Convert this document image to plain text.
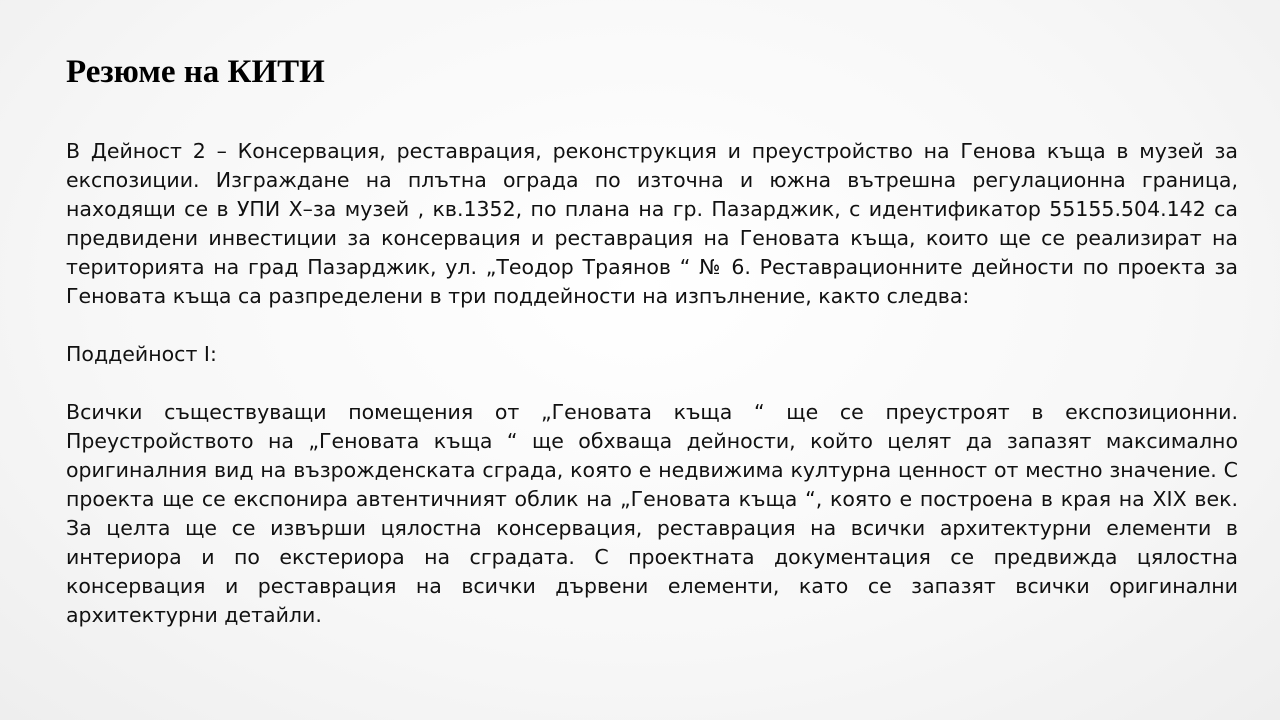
Резюме на КИТИ

В Дейност 2 – Консервация, реставрация, реконструкция и преустройство на Генова къща в музей за експозиции. Изграждане на плътна ограда по източна и южна вътрешна регулационна граница, находящи се в УПИ Х–за музей , кв.1352, по плана на гр. Пазарджик, с идентификатор 55155.504.142 са предвидени инвестиции за консервация и реставрация на Геновата къща, които ще се реализират на територията на град Пазарджик, ул. „Теодор Траянов “ № 6. Реставрационните дейности по проекта за Геновата къща са разпределени в три поддейности на изпълнение, както следва:

Поддейност I:

Всички съществуващи помещения от „Геновата къща “ ще се преустроят в експозиционни. Преустройството на „Геновата къща “ ще обхваща дейности, който целят да запазят максимално оригиналния вид на възрожденската сграда, която е недвижима културна ценност от местно значение. С проекта ще се експонира автентичният облик на „Геновата къща “, която е построена в края на XIX век. За целта ще се извърши цялостна консервация, реставрация на всички архитектурни елементи в интериора и по екстериора на сградата. С проектната документация се предвижда цялостна консервация и реставрация на всички дървени елементи, като се запазят всички оригинални архитектурни детайли.
